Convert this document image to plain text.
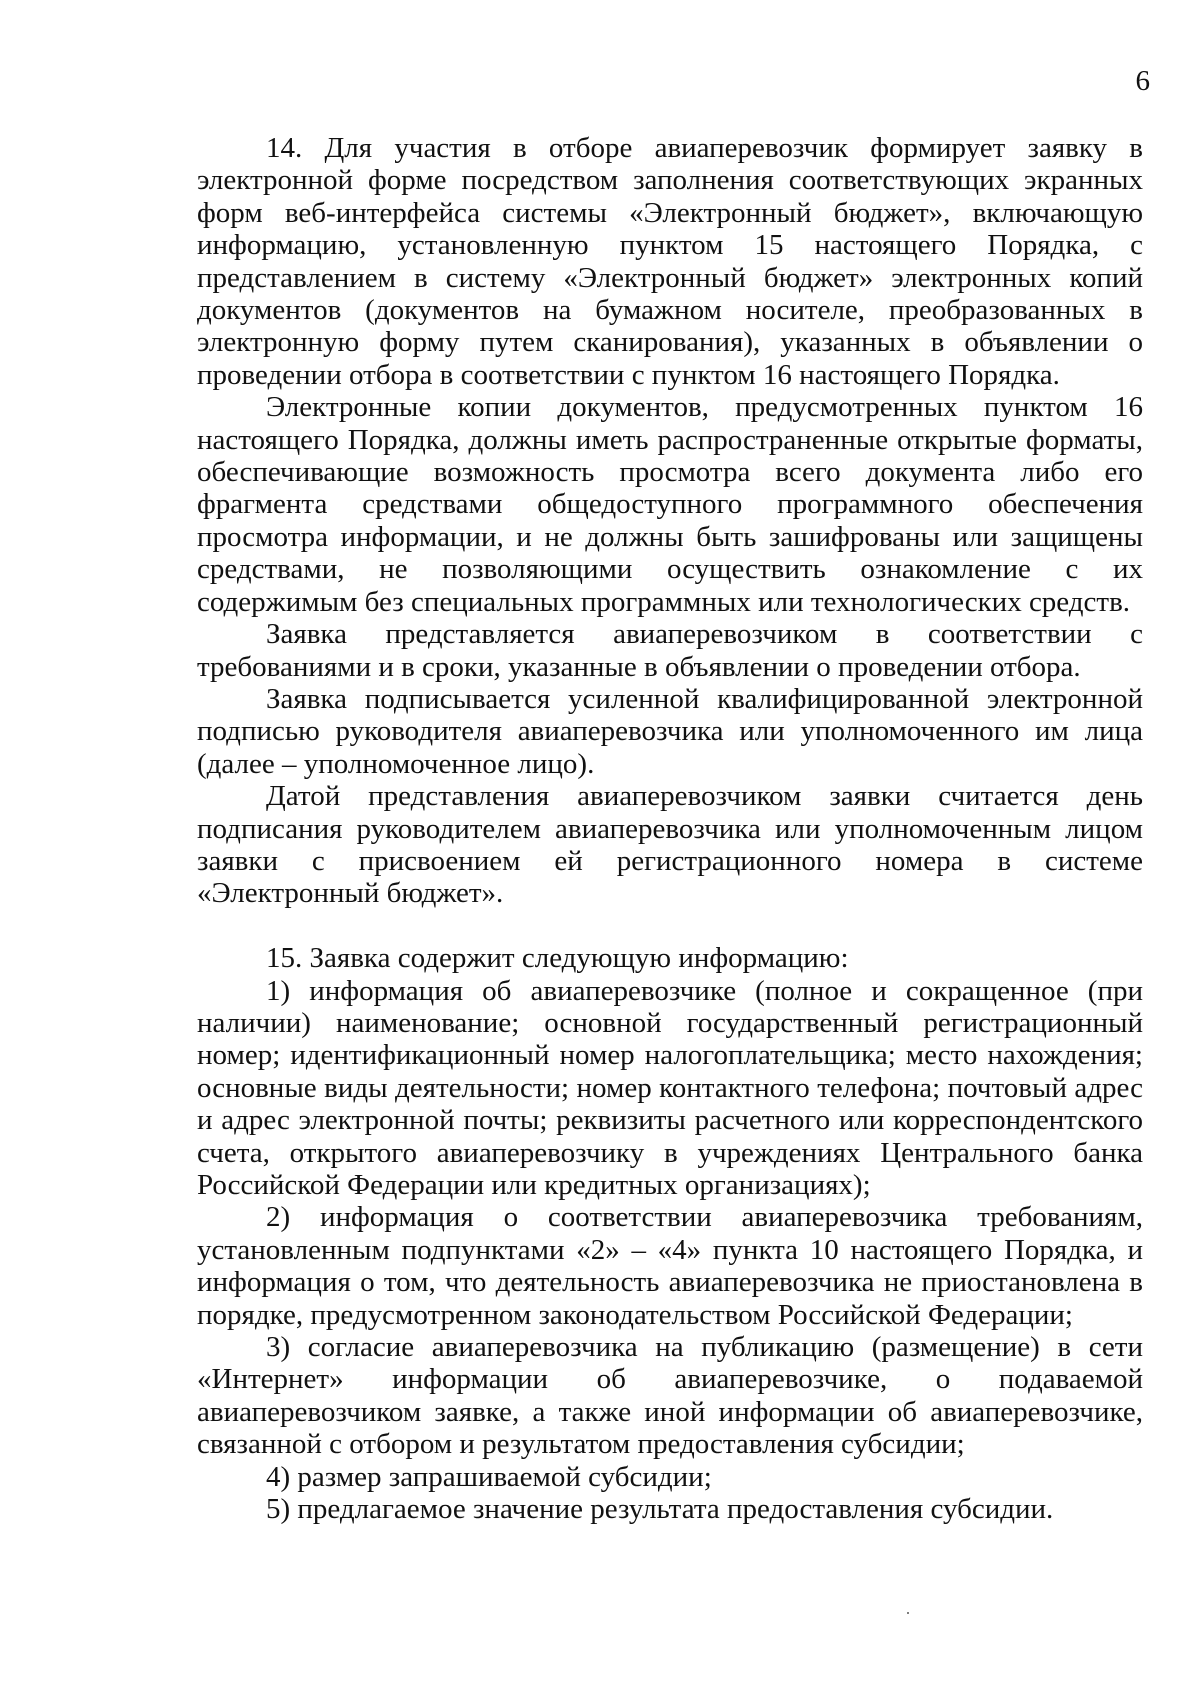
6

14. Для участия в отборе авиаперевозчик формирует заявку в электронной форме посредством заполнения соответствующих экранных форм веб-интерфейса системы «Электронный бюджет», включающую информацию, установленную пунктом 15 настоящего Порядка, с представлением в систему «Электронный бюджет» электронных копий документов (документов на бумажном носителе, преобразованных в электронную форму путем сканирования), указанных в объявлении о проведении отбора в соответствии с пунктом 16 настоящего Порядка.

Электронные копии документов, предусмотренных пунктом 16 настоящего Порядка, должны иметь распространенные открытые форматы, обеспечивающие возможность просмотра всего документа либо его фрагмента средствами общедоступного программного обеспечения просмотра информации, и не должны быть зашифрованы или защищены средствами, не позволяющими осуществить ознакомление с их содержимым без специальных программных или технологических средств.

Заявка представляется авиаперевозчиком в соответствии с требованиями и в сроки, указанные в объявлении о проведении отбора.

Заявка подписывается усиленной квалифицированной электронной подписью руководителя авиаперевозчика или уполномоченного им лица (далее – уполномоченное лицо).

Датой представления авиаперевозчиком заявки считается день подписания руководителем авиаперевозчика или уполномоченным лицом заявки с присвоением ей регистрационного номера в системе «Электронный бюджет».

15. Заявка содержит следующую информацию:

1) информация об авиаперевозчике (полное и сокращенное (при наличии) наименование; основной государственный регистрационный номер; идентификационный номер налогоплательщика; место нахождения; основные виды деятельности; номер контактного телефона; почтовый адрес и адрес электронной почты; реквизиты расчетного или корреспондентского счета, открытого авиаперевозчику в учреждениях Центрального банка Российской Федерации или кредитных организациях);

2) информация о соответствии авиаперевозчика требованиям, установленным подпунктами «2» – «4» пункта 10 настоящего Порядка, и информация о том, что деятельность авиаперевозчика не приостановлена в порядке, предусмотренном законодательством Российской Федерации;

3) согласие авиаперевозчика на публикацию (размещение) в сети «Интернет» информации об авиаперевозчике, о подаваемой авиаперевозчиком заявке, а также иной информации об авиаперевозчике, связанной с отбором и результатом предоставления субсидии;

4) размер запрашиваемой субсидии;

5) предлагаемое значение результата предоставления субсидии.
